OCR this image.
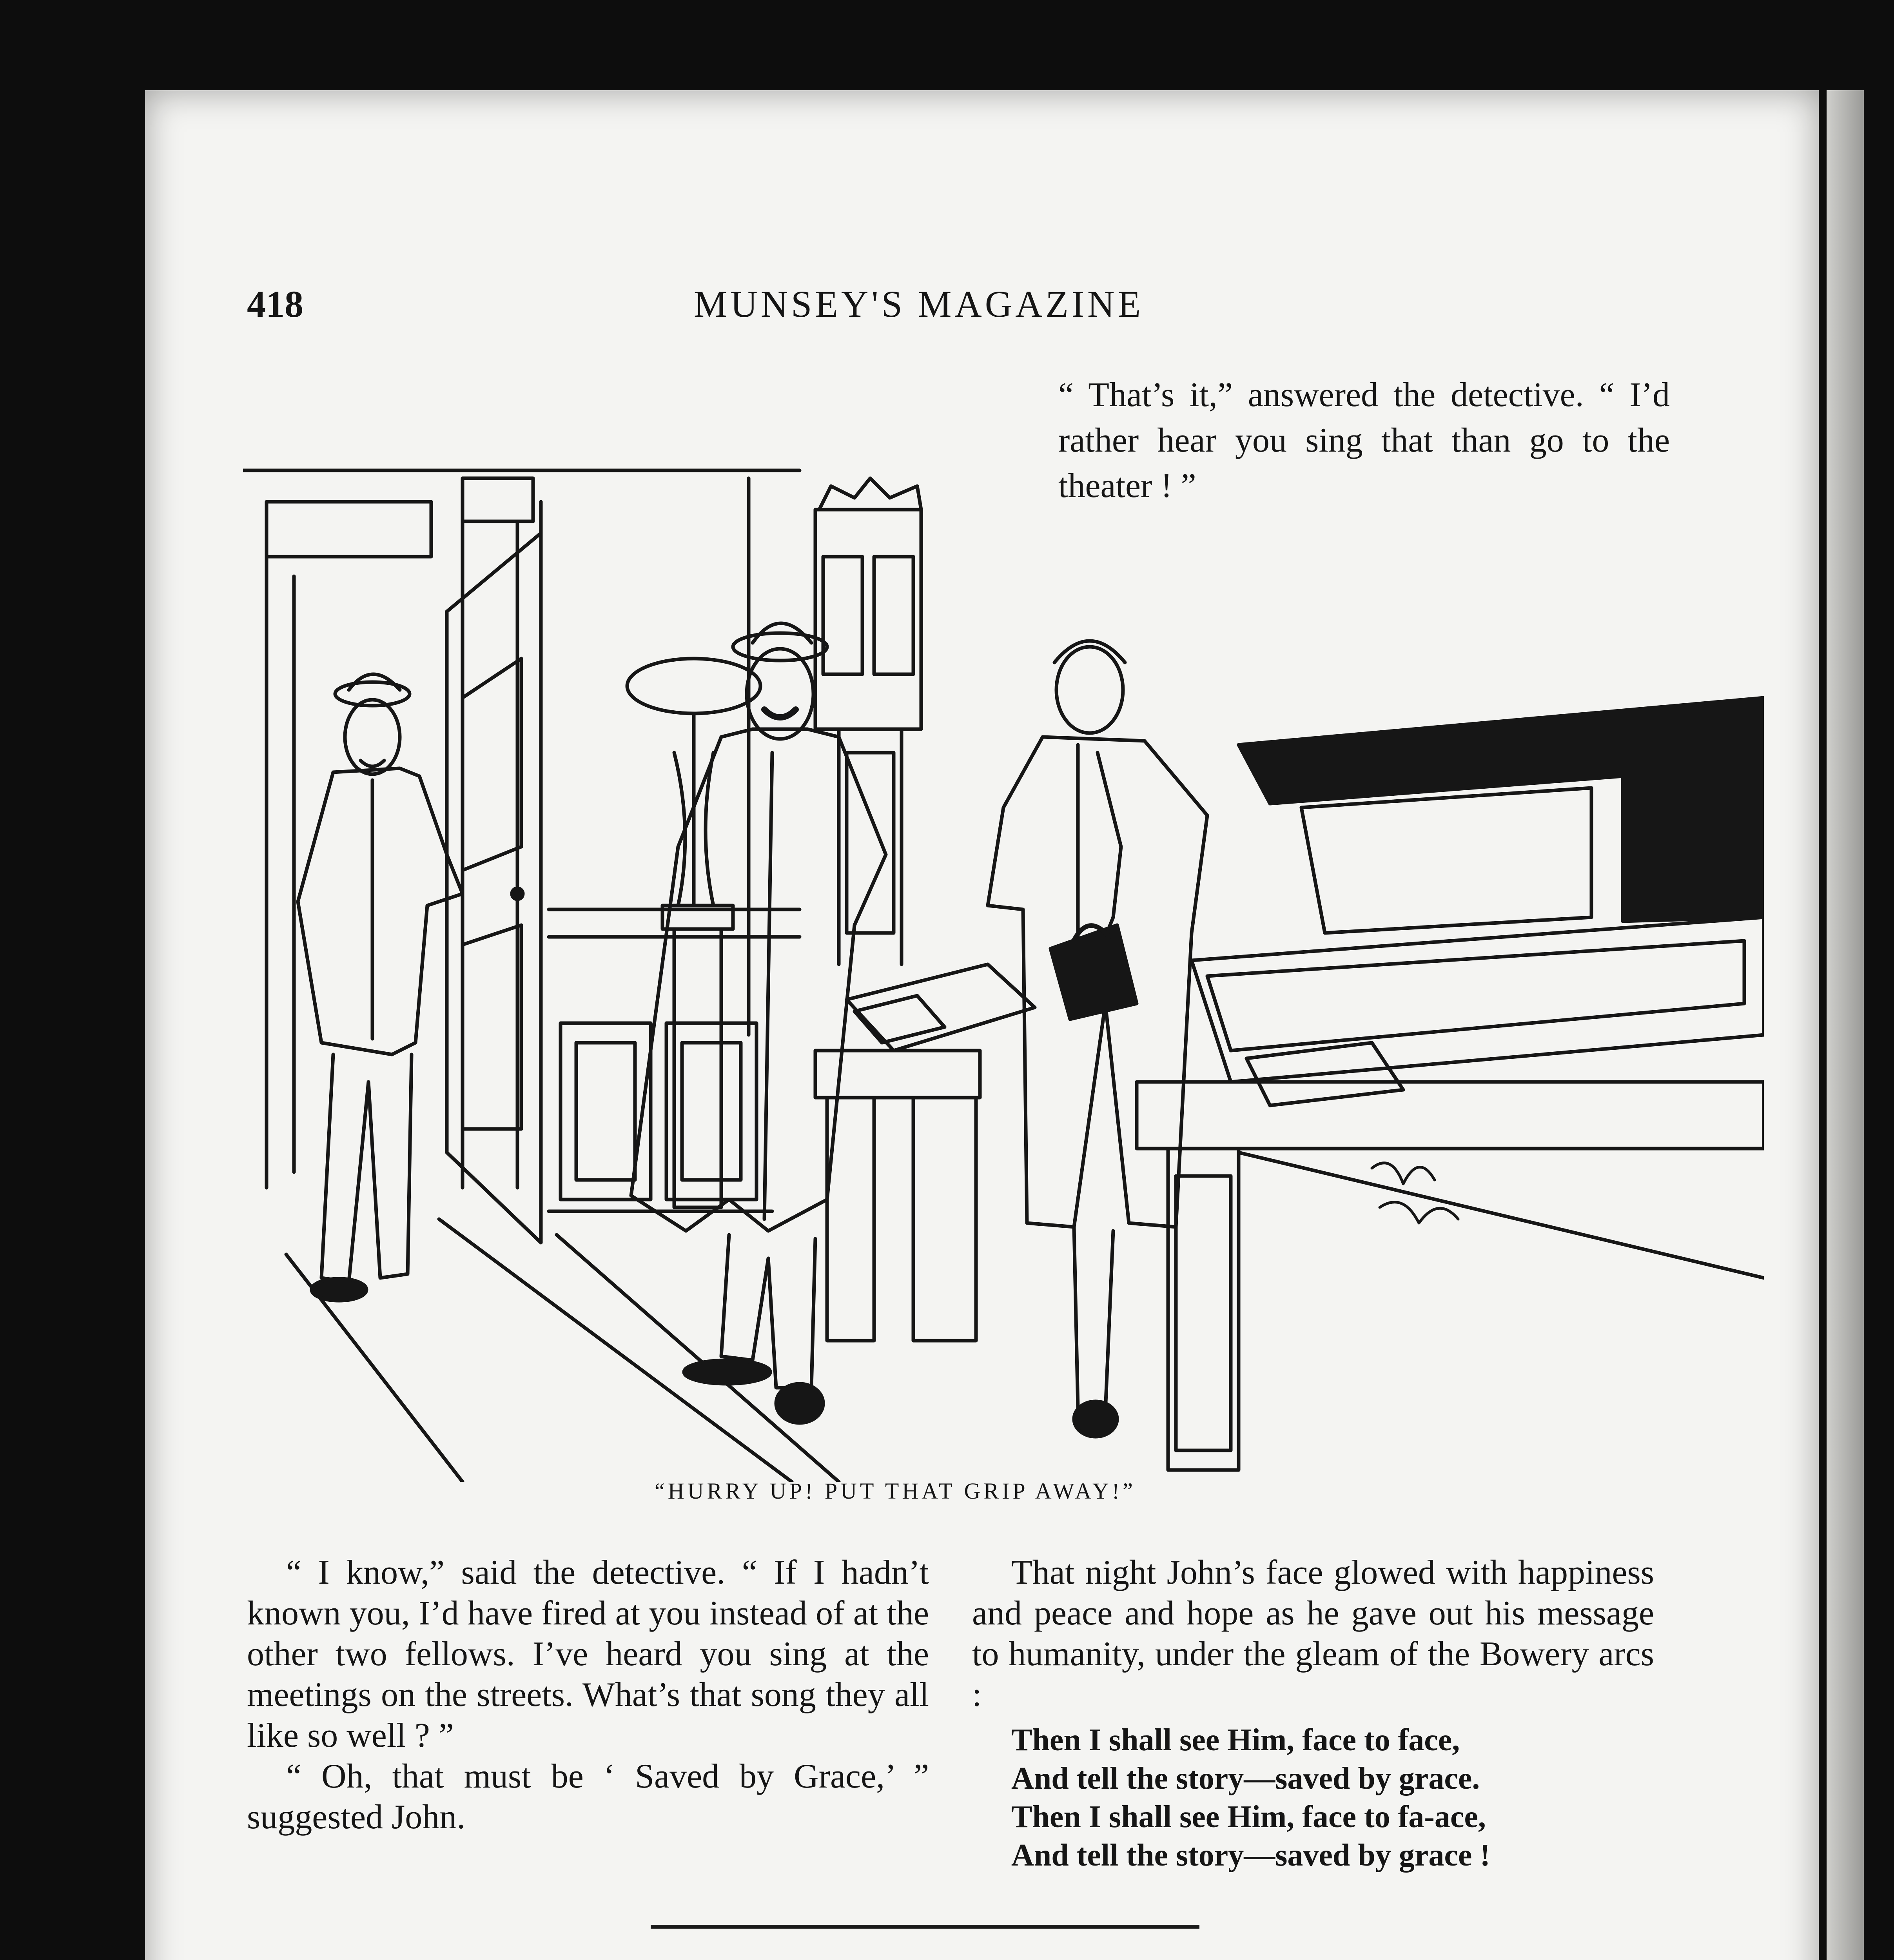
418	MUNSEY'S MAGAZINE
“ That’s it,” answered the detective. “ I’d rather hear you sing that than go to the theater ! ”
“HURRY UP! PUT THAT GRIP AWAY!”

“ I know,” said the detective. “ If I hadn’t known you, I’d have fired at you instead of at the other two fellows. I’ve heard you sing at the meetings on the streets. What’s that song they all like so well ? ”

“ Oh, that must be ‘ Saved by Grace,’ ” suggested John.

That night John’s face glowed with happiness and peace and hope as he gave out his message to humanity, under the gleam of the Bowery arcs :

Then I shall see Him, face to face,
And tell the story—saved by grace.
Then I shall see Him, face to fa-ace,
And tell the story—saved by grace !
